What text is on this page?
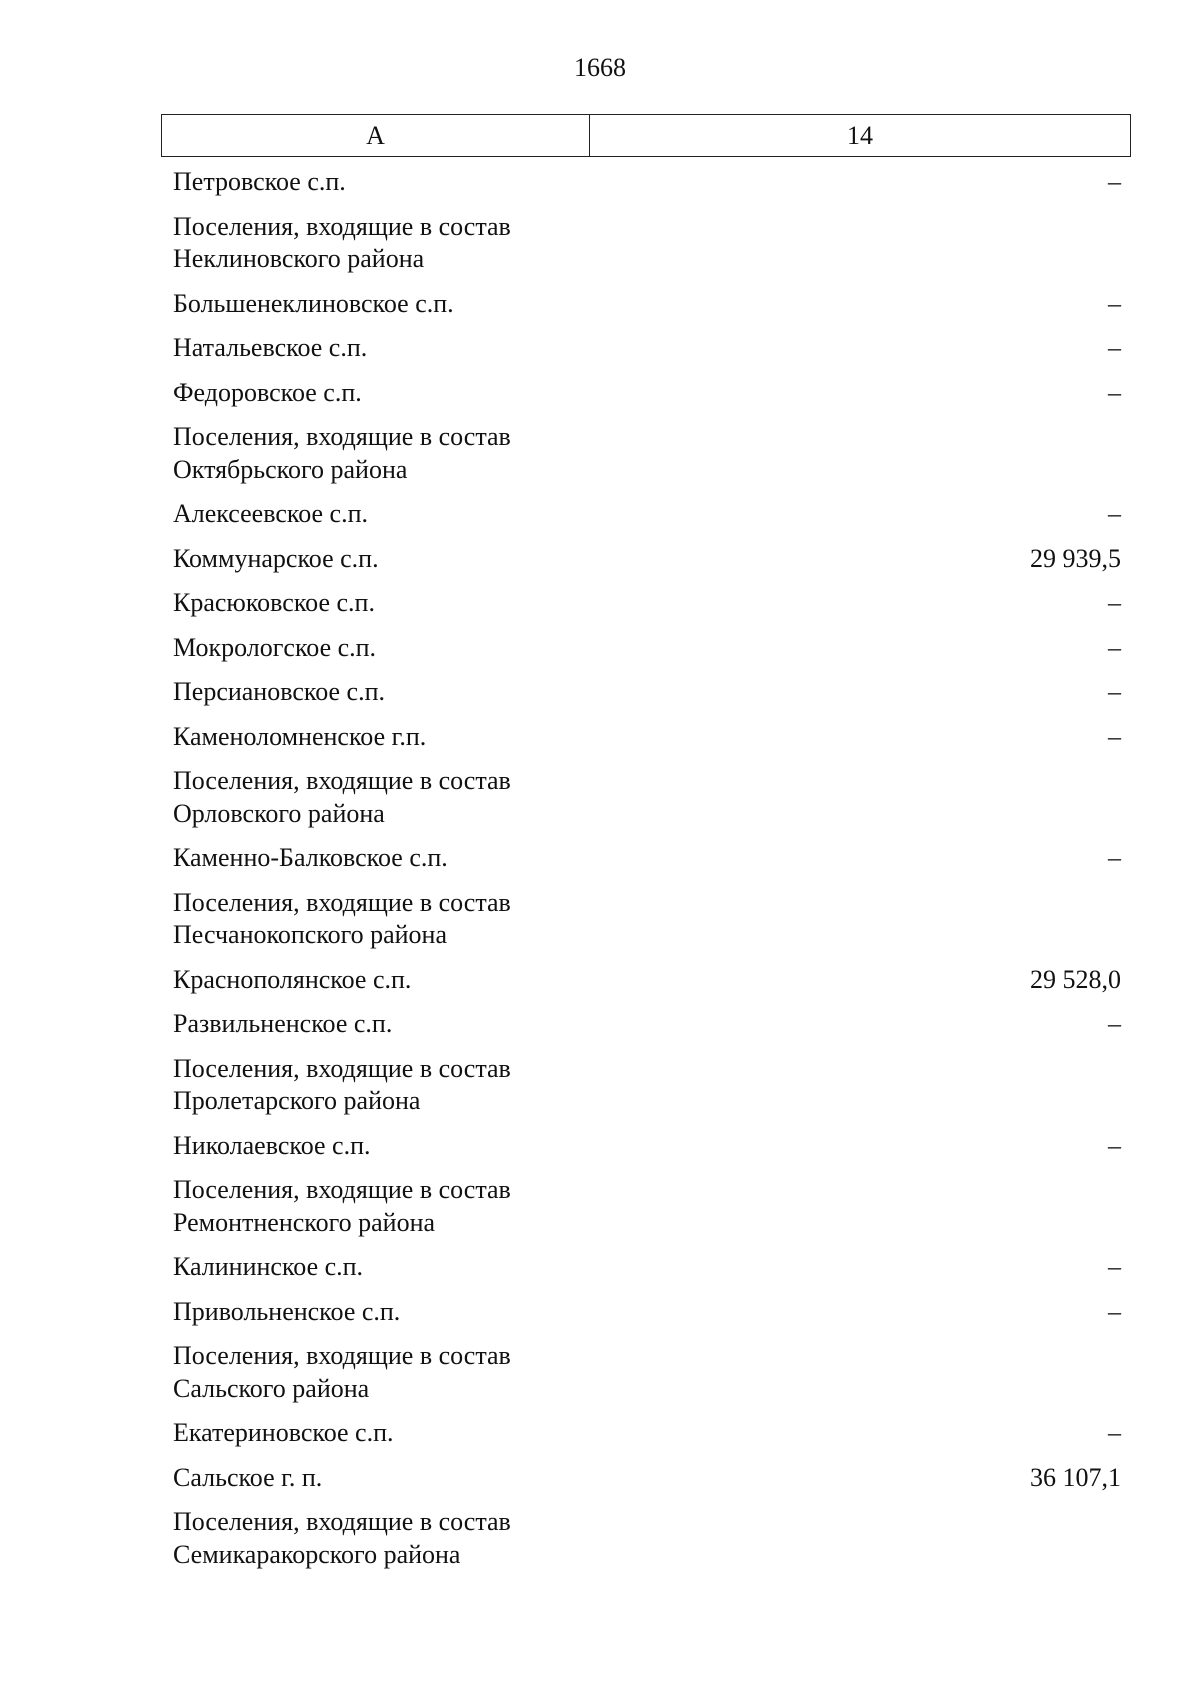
1668
А	14
Петровское с.п.	–
Поселения, входящие в состав
Неклиновского района
Большенеклиновское с.п.	–
Натальевское с.п.	–
Федоровское с.п.	–
Поселения, входящие в состав
Октябрьского района
Алексеевское с.п.	–
Коммунарское с.п.	29 939,5
Красюковское с.п.	–
Мокрологское с.п.	–
Персиановское с.п.	–
Каменоломненское г.п.	–
Поселения, входящие в состав
Орловского района
Каменно-Балковское с.п.	–
Поселения, входящие в состав
Песчанокопского района
Краснополянское с.п.	29 528,0
Развильненское с.п.	–
Поселения, входящие в состав
Пролетарского района
Николаевское с.п.	–
Поселения, входящие в состав
Ремонтненского района
Калининское с.п.	–
Привольненское с.п.	–
Поселения, входящие в состав
Сальского района
Екатериновское с.п.	–
Сальское г. п.	36 107,1
Поселения, входящие в состав
Семикаракорского района
